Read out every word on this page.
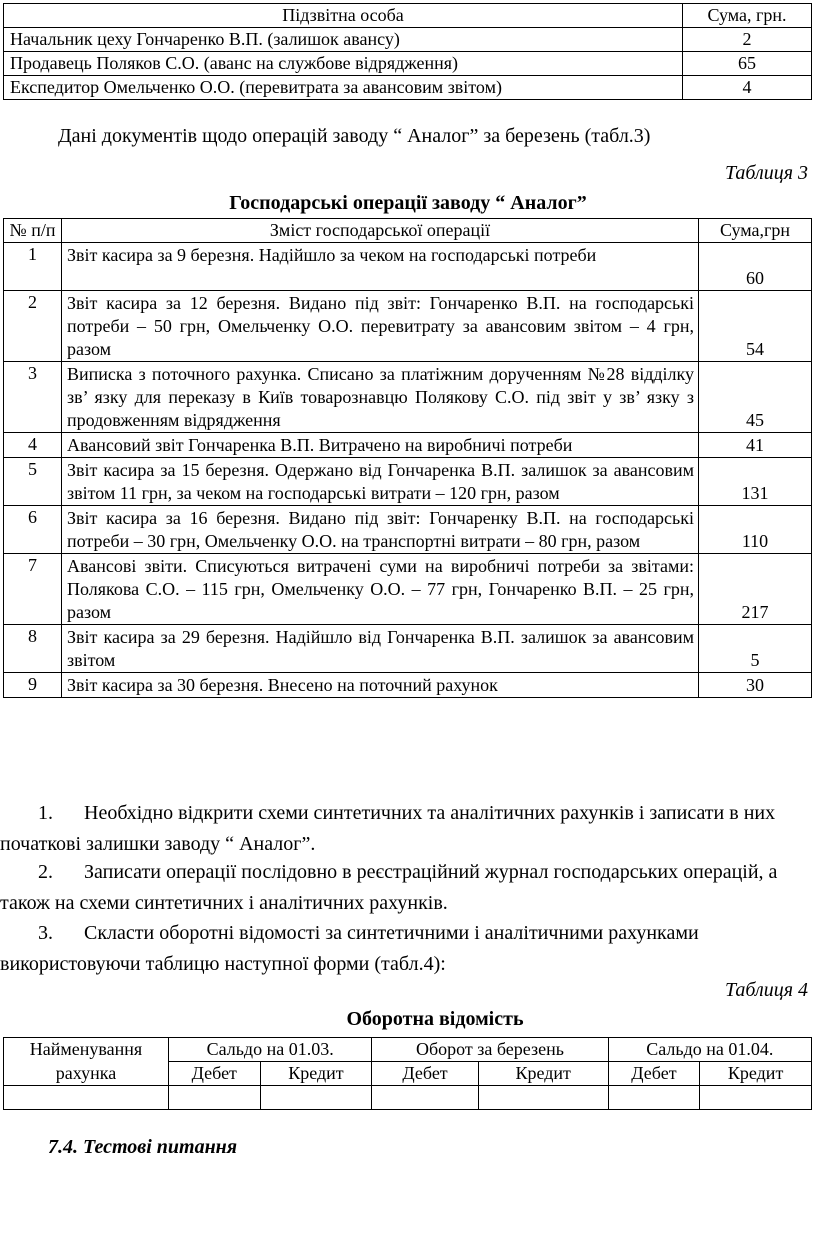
Підзвітна особа	Сума, грн.
Начальник цеху Гончаренко В.П. (залишок авансу)	2
Продавець Поляков С.О. (аванс на службове відрядження)	65
Експедитор Омельченко О.О. (перевитрата за авансовим звітом)	4
Дані документів щодо операцій заводу “ Аналог” за березень (табл.3)
Таблиця 3
Господарські операції заводу “ Аналог”
№ п/п	Зміст господарської операції	Сума,грн
1	Звіт касира за 9 березня. Надійшло за чеком на господарські потреби	60
2	Звіт касира за 12 березня. Видано під звіт: Гончаренко В.П. на господарські потреби – 50 грн, Омельченку О.О. перевитрату за авансовим звітом – 4 грн, разом	54
3	Виписка з поточного рахунка. Списано за платіжним дорученням №28 відділку зв’ язку для переказу в Київ товарознавцю Полякову С.О. під звіт у зв’ язку з продовженням відрядження	45
4	Авансовий звіт Гончаренка В.П. Витрачено на виробничі потреби	41
5	Звіт касира за 15 березня. Одержано від Гончаренка В.П. залишок за авансовим звітом 11 грн, за чеком на господарські витрати – 120 грн, разом	131
6	Звіт касира за 16 березня. Видано під звіт: Гончаренку В.П. на господарські потреби – 30 грн, Омельченку О.О. на транспортні витрати – 80 грн, разом	110
7	Авансові звіти. Списуються витрачені суми на виробничі потреби за звітами: Полякова С.О. – 115 грн, Омельченку О.О. – 77 грн, Гончаренко В.П. – 25 грн, разом	217
8	Звіт касира за 29 березня. Надійшло від Гончаренка В.П. залишок за авансовим звітом	5
9	Звіт касира за 30 березня. Внесено на поточний рахунок	30
1. Необхідно відкрити схеми синтетичних та аналітичних рахунків і записати в них початкові залишки заводу “ Аналог”.
2. Записати операції послідовно в реєстраційний журнал господарських операцій, а також на схеми синтетичних і аналітичних рахунків.
3. Скласти оборотні відомості за синтетичними і аналітичними рахунками використовуючи таблицю наступної форми (табл.4):
Таблиця 4
Оборотна відомість
Найменування	Сальдо на 01.03.		Оборот за березень		Сальдо на 01.04.	
рахунка	Дебет	Кредит	Дебет	Кредит	Дебет	Кредит

7.4. Тестові питання
